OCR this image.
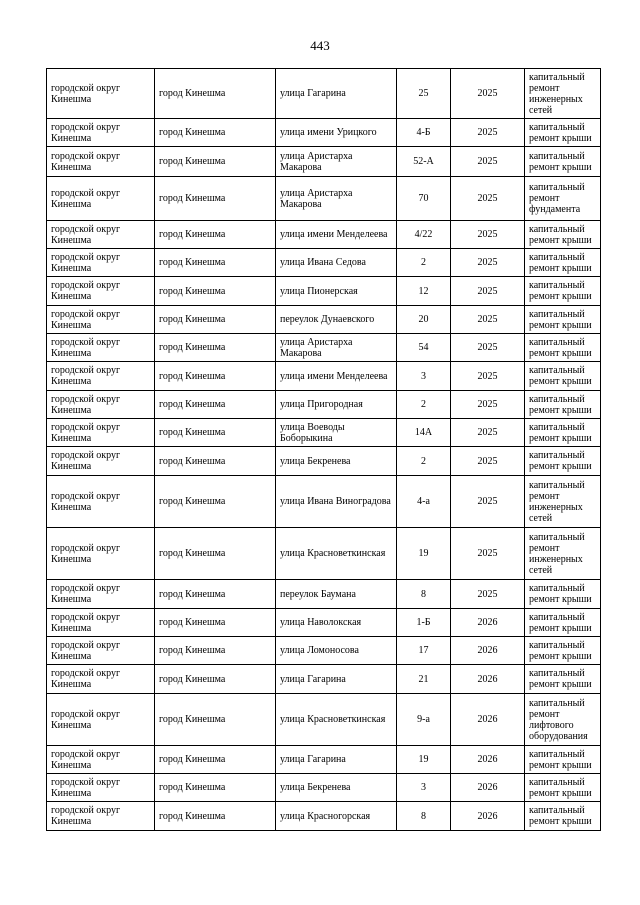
443
городской округ Кинешма	город Кинешма	улица Гагарина	25	2025	капитальный ремонт инженерных сетей
городской округ Кинешма	город Кинешма	улица имени Урицкого	4-Б	2025	капитальный ремонт крыши
городской округ Кинешма	город Кинешма	улица Аристарха Макарова	52-А	2025	капитальный ремонт крыши
городской округ Кинешма	город Кинешма	улица Аристарха Макарова	70	2025	капитальный ремонт фундамента
городской округ Кинешма	город Кинешма	улица имени Менделеева	4/22	2025	капитальный ремонт крыши
городской округ Кинешма	город Кинешма	улица Ивана Седова	2	2025	капитальный ремонт крыши
городской округ Кинешма	город Кинешма	улица Пионерская	12	2025	капитальный ремонт крыши
городской округ Кинешма	город Кинешма	переулок Дунаевского	20	2025	капитальный ремонт крыши
городской округ Кинешма	город Кинешма	улица Аристарха Макарова	54	2025	капитальный ремонт крыши
городской округ Кинешма	город Кинешма	улица имени Менделеева	3	2025	капитальный ремонт крыши
городской округ Кинешма	город Кинешма	улица Пригородная	2	2025	капитальный ремонт крыши
городской округ Кинешма	город Кинешма	улица Воеводы Боборыкина	14А	2025	капитальный ремонт крыши
городской округ Кинешма	город Кинешма	улица Бекренева	2	2025	капитальный ремонт крыши
городской округ Кинешма	город Кинешма	улица Ивана Виноградова	4-а	2025	капитальный ремонт инженерных сетей
городской округ Кинешма	город Кинешма	улица Красноветкинская	19	2025	капитальный ремонт инженерных сетей
городской округ Кинешма	город Кинешма	переулок Баумана	8	2025	капитальный ремонт крыши
городской округ Кинешма	город Кинешма	улица Наволокская	1-Б	2026	капитальный ремонт крыши
городской округ Кинешма	город Кинешма	улица Ломоносова	17	2026	капитальный ремонт крыши
городской округ Кинешма	город Кинешма	улица Гагарина	21	2026	капитальный ремонт крыши
городской округ Кинешма	город Кинешма	улица Красноветкинская	9-а	2026	капитальный ремонт лифтового оборудования
городской округ Кинешма	город Кинешма	улица Гагарина	19	2026	капитальный ремонт крыши
городской округ Кинешма	город Кинешма	улица Бекренева	3	2026	капитальный ремонт крыши
городской округ Кинешма	город Кинешма	улица Красногорская	8	2026	капитальный ремонт крыши
